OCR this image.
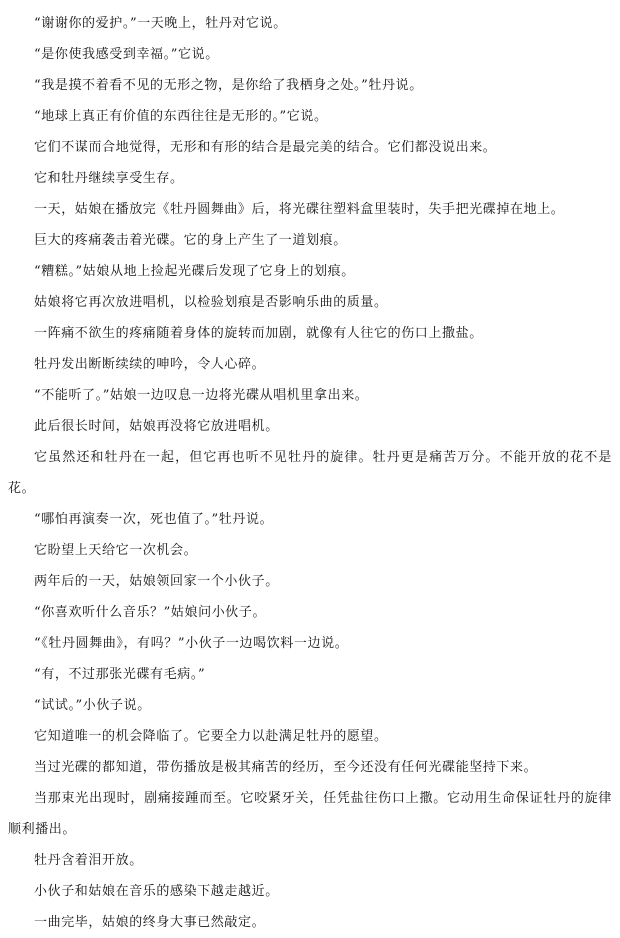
“谢谢你的爱护。”一天晚上，牡丹对它说。

“是你使我感受到幸福。”它说。

“我是摸不着看不见的无形之物，是你给了我栖身之处。”牡丹说。

“地球上真正有价值的东西往往是无形的。”它说。

它们不谋而合地觉得，无形和有形的结合是最完美的结合。它们都没说出来。

它和牡丹继续享受生存。

一天，姑娘在播放完《牡丹圆舞曲》后，将光碟往塑料盒里装时，失手把光碟掉在地上。

巨大的疼痛袭击着光碟。它的身上产生了一道划痕。

“糟糕。”姑娘从地上捡起光碟后发现了它身上的划痕。

姑娘将它再次放进唱机，以检验划痕是否影响乐曲的质量。

一阵痛不欲生的疼痛随着身体的旋转而加剧，就像有人往它的伤口上撒盐。

牡丹发出断断续续的呻吟，令人心碎。

“不能听了。”姑娘一边叹息一边将光碟从唱机里拿出来。

此后很长时间，姑娘再没将它放进唱机。

它虽然还和牡丹在一起，但它再也听不见牡丹的旋律。牡丹更是痛苦万分。不能开放的花不是花。

“哪怕再演奏一次，死也值了。”牡丹说。

它盼望上天给它一次机会。

两年后的一天，姑娘领回家一个小伙子。

“你喜欢听什么音乐？”姑娘问小伙子。

“《牡丹圆舞曲》，有吗？”小伙子一边喝饮料一边说。

“有，不过那张光碟有毛病。”

“试试。”小伙子说。

它知道唯一的机会降临了。它要全力以赴满足牡丹的愿望。

当过光碟的都知道，带伤播放是极其痛苦的经历，至今还没有任何光碟能坚持下来。

当那束光出现时，剧痛接踵而至。它咬紧牙关，任凭盐往伤口上撒。它动用生命保证牡丹的旋律顺利播出。

牡丹含着泪开放。

小伙子和姑娘在音乐的感染下越走越近。

一曲完毕，姑娘的终身大事已然敲定。
